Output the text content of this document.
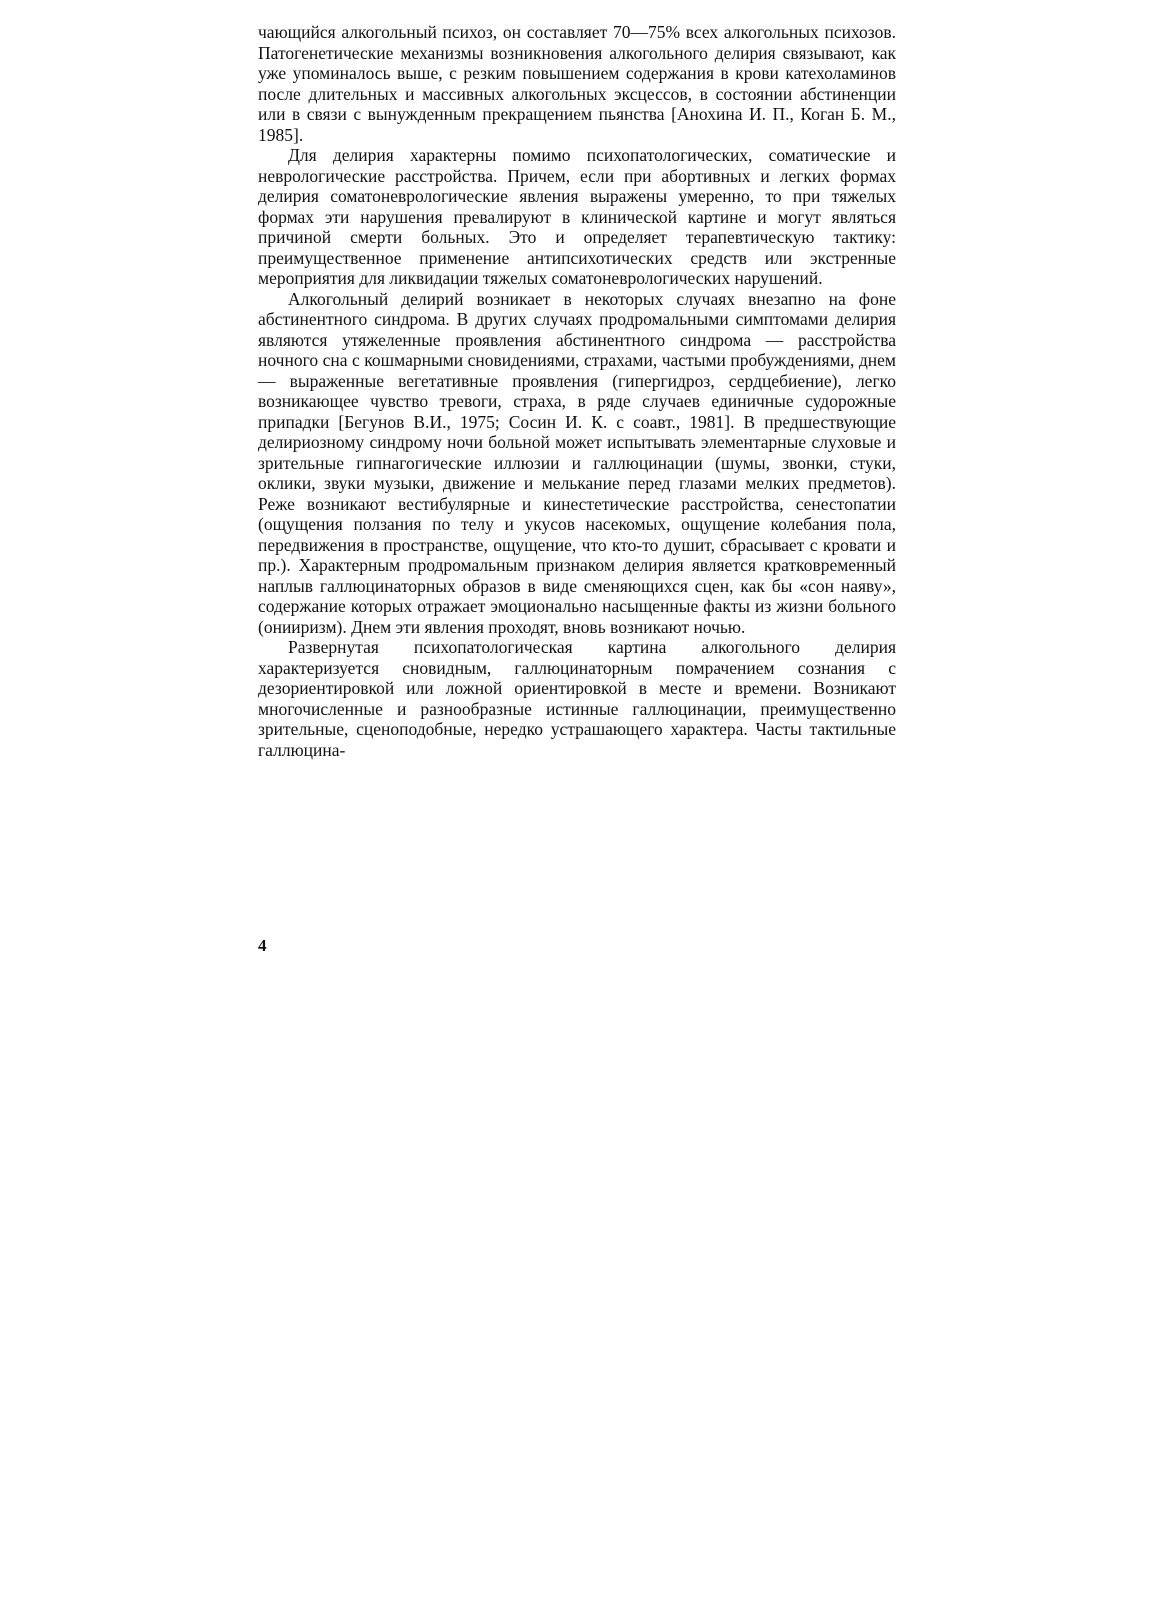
чающийся алкогольный психоз, он составляет 70—75% всех алкогольных психозов. Патогенетические механизмы возникновения алкогольного делирия связывают, как уже упоминалось выше, с резким повышением содержания в крови катехоламинов после длительных и массивных алкогольных эксцессов, в состоянии абстиненции или в связи с вынужденным прекращением пьянства [Анохина И. П., Коган Б. М., 1985].

Для делирия характерны помимо психопатологических, соматические и неврологические расстройства. Причем, если при абортивных и легких формах делирия соматоневрологические явления выражены умеренно, то при тяжелых формах эти нарушения превалируют в клинической картине и могут являться причиной смерти больных. Это и определяет терапевтическую тактику: преимущественное применение антипсихотических средств или экстренные мероприятия для ликвидации тяжелых соматоневрологических нарушений.

Алкогольный делирий возникает в некоторых случаях внезапно на фоне абстинентного синдрома. В других случаях продромальными симптомами делирия являются утяжеленные проявления абстинентного синдрома — расстройства ночного сна с кошмарными сновидениями, страхами, частыми пробуждениями, днем — выраженные вегетативные проявления (гипергидроз, сердцебиение), легко возникающее чувство тревоги, страха, в ряде случаев единичные судорожные припадки [Бегунов В.И., 1975; Сосин И. К. с соавт., 1981]. В предшествующие делириозному синдрому ночи больной может испытывать элементарные слуховые и зрительные гипнагогические иллюзии и галлюцинации (шумы, звонки, стуки, оклики, звуки музыки, движение и мелькание перед глазами мелких предметов). Реже возникают вестибулярные и кинестетические расстройства, сенестопатии (ощущения ползания по телу и укусов насекомых, ощущение колебания пола, передвижения в пространстве, ощущение, что кто-то душит, сбрасывает с кровати и пр.). Характерным продромальным признаком делирия является кратковременный наплыв галлюцинаторных образов в виде сменяющихся сцен, как бы «сон наяву», содержание которых отражает эмоционально насыщенные факты из жизни больного (онииризм). Днем эти явления проходят, вновь возникают ночью.

Развернутая психопатологическая картина алкогольного делирия характеризуется сновидным, галлюцинаторным помрачением сознания с дезориентировкой или ложной ориентировкой в месте и времени. Возникают многочисленные и разнообразные истинные галлюцинации, преимущественно зрительные, сценоподобные, нередко устрашающего характера. Часты тактильные галлюцина-

4
